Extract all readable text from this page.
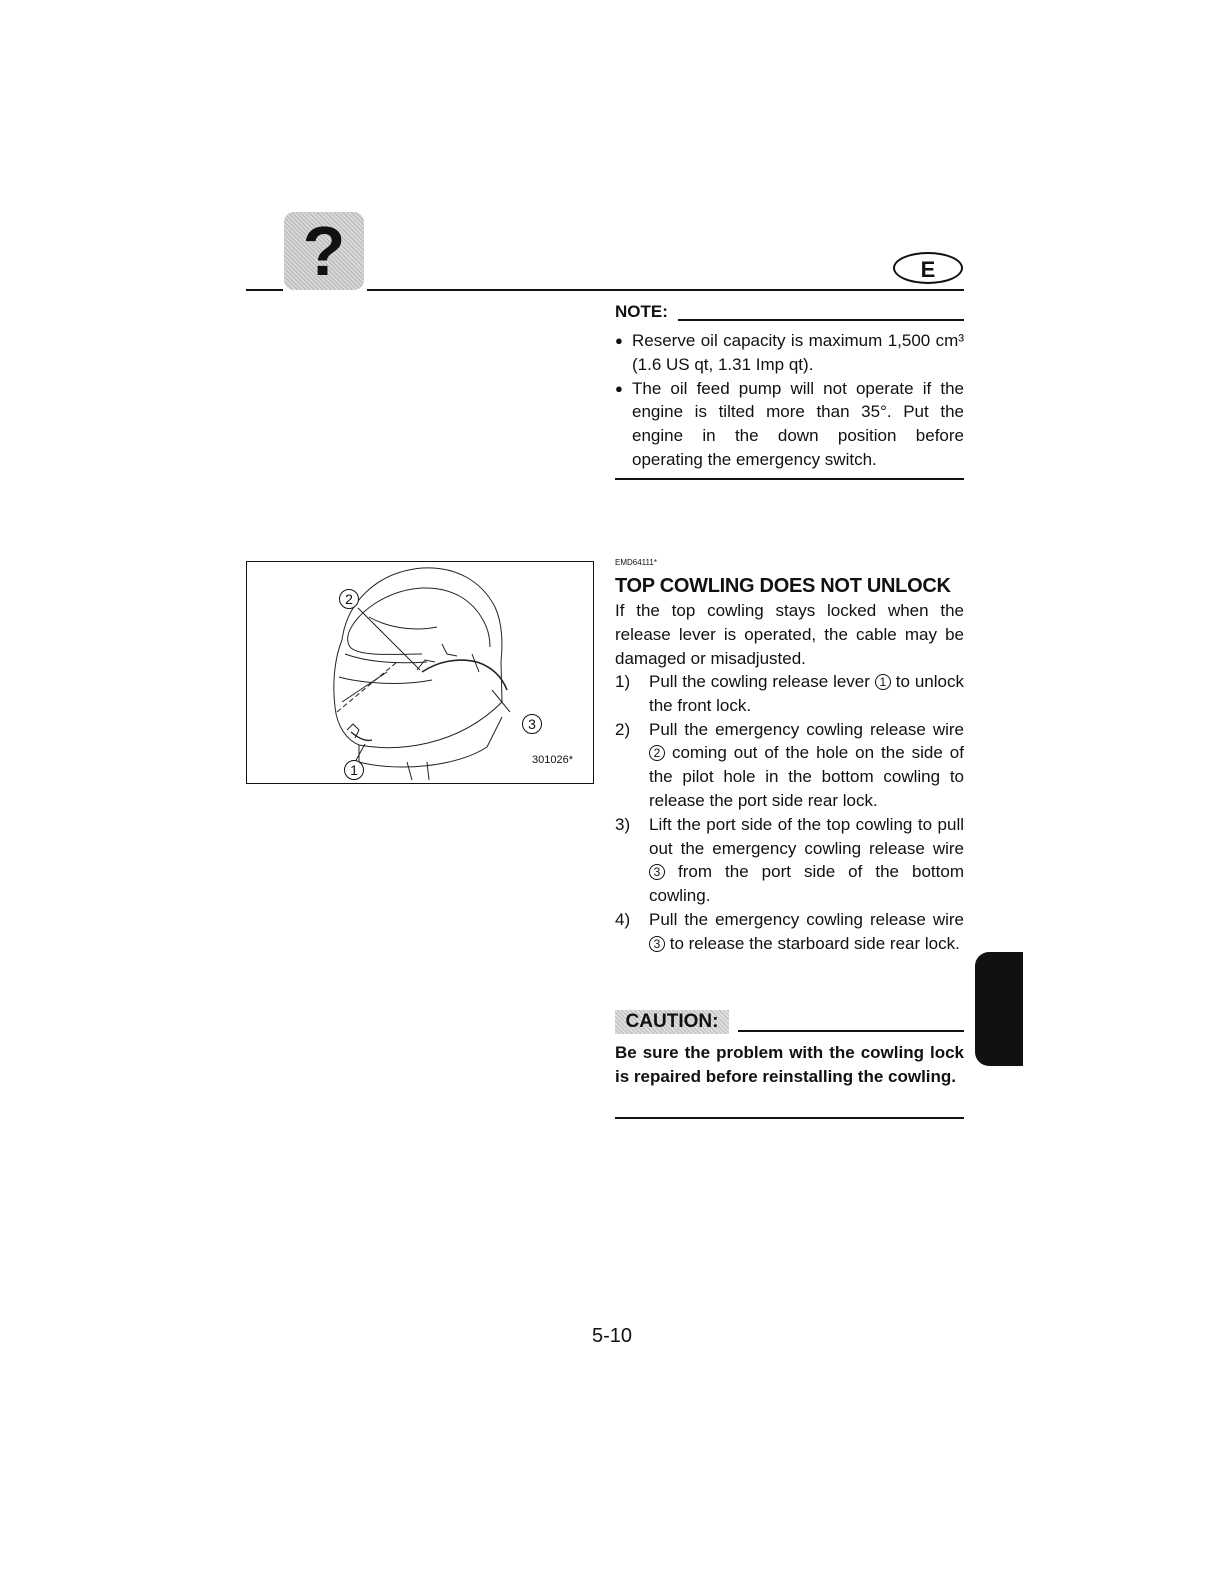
?	E
NOTE:
● Reserve oil capacity is maximum 1,500 cm³ (1.6 US qt, 1.31 Imp qt).
● The oil feed pump will not operate if the engine is tilted more than 35°. Put the engine in the down position before operating the emergency switch.
2
3
1
301026*
EMD64111*
TOP COWLING DOES NOT UNLOCK
If the top cowling stays locked when the release lever is operated, the cable may be damaged or misadjusted.
1) Pull the cowling release lever 1 to unlock the front lock.
2) Pull the emergency cowling release wire 2 coming out of the hole on the side of the pilot hole in the bottom cowling to release the port side rear lock.
3) Lift the port side of the top cowling to pull out the emergency cowling release wire 3 from the port side of the bottom cowling.
4) Pull the emergency cowling release wire 3 to release the starboard side rear lock.
CAUTION:
Be sure the problem with the cowling lock is repaired before reinstalling the cowling.
5-10
